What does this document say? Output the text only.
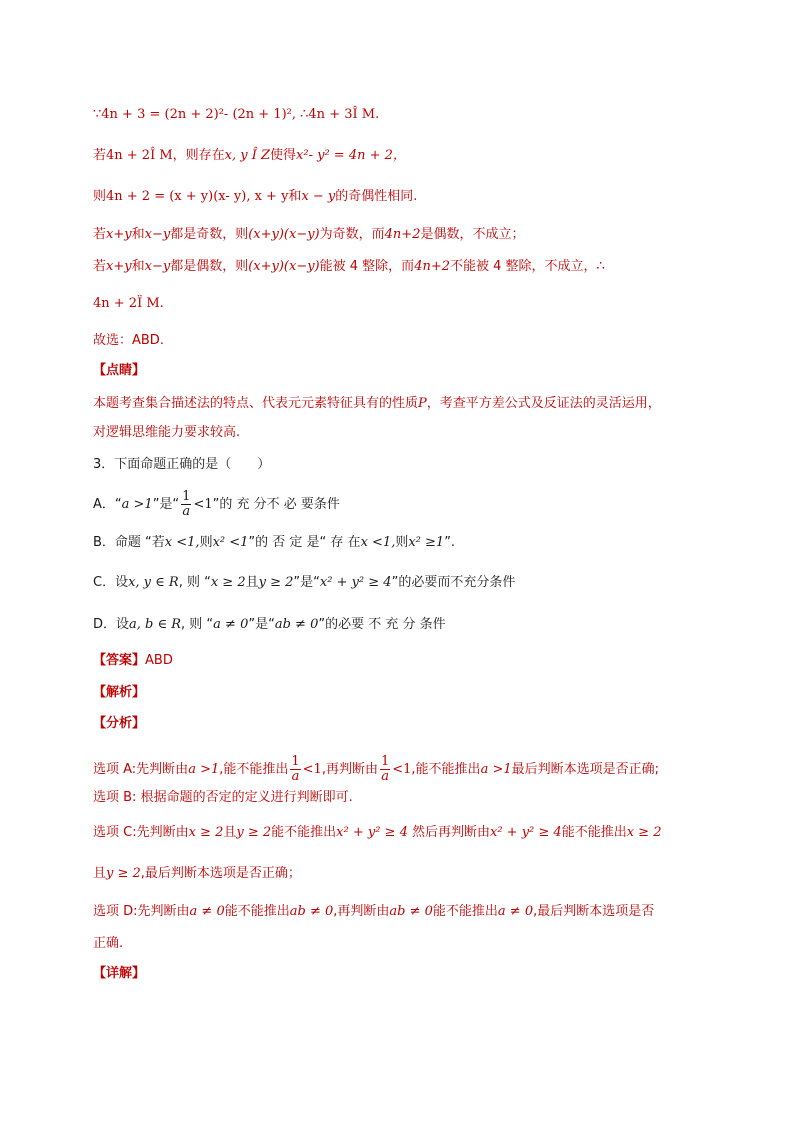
∵4n + 3 = (2n + 2)²- (2n + 1)², ∴4n + 3Î M.
若4n + 2Î M，则存在x, y Î Z使得x²- y² = 4n + 2，
则4n + 2 = (x + y)(x- y), x + y和x − y的奇偶性相同.
若x+y和x−y都是奇数，则(x+y)(x−y)为奇数，而4n+2是偶数，不成立；
若x+y和x−y都是偶数，则(x+y)(x−y)能被 4 整除，而4n+2不能被 4 整除，不成立，∴
4n + 2Ï M.
故选：ABD.
【点睛】
本题考查集合描述法的特点、代表元元素特征具有的性质P，考查平方差公式及反证法的灵活运用，
对逻辑思维能力要求较高.
3．下面命题正确的是（　　）
A．“a >1”是“ $\frac{1}{a} <1$”的 充 分不 必 要条件
B．命题 “若x <1,则x² <1”的 否 定 是“ 存 在x <1,则x² ≥1”.
C．设x, y ∈ R, 则 “x ≥ 2且y ≥ 2”是“x² + y² ≥ 4”的必要而不充分条件
D．设a, b ∈ R, 则 “a ≠ 0”是“ab ≠ 0”的必要 不 充 分 条件
【答案】ABD
【解析】
【分析】
选项 A:先判断由a >1,能不能推出 $\frac{1}{a} <1$,再判断由 $\frac{1}{a} <1$,能不能推出a >1最后判断本选项是否正确;
选项 B: 根据命题的否定的定义进行判断即可.
选项 C:先判断由x ≥ 2且y ≥ 2能不能推出x² + y² ≥ 4 然后再判断由x² + y² ≥ 4能不能推出x ≥ 2
且y ≥ 2,最后判断本选项是否正确；
选项 D:先判断由a ≠ 0能不能推出ab ≠ 0,再判断由ab ≠ 0能不能推出a ≠ 0,最后判断本选项是否
正确.
【详解】
